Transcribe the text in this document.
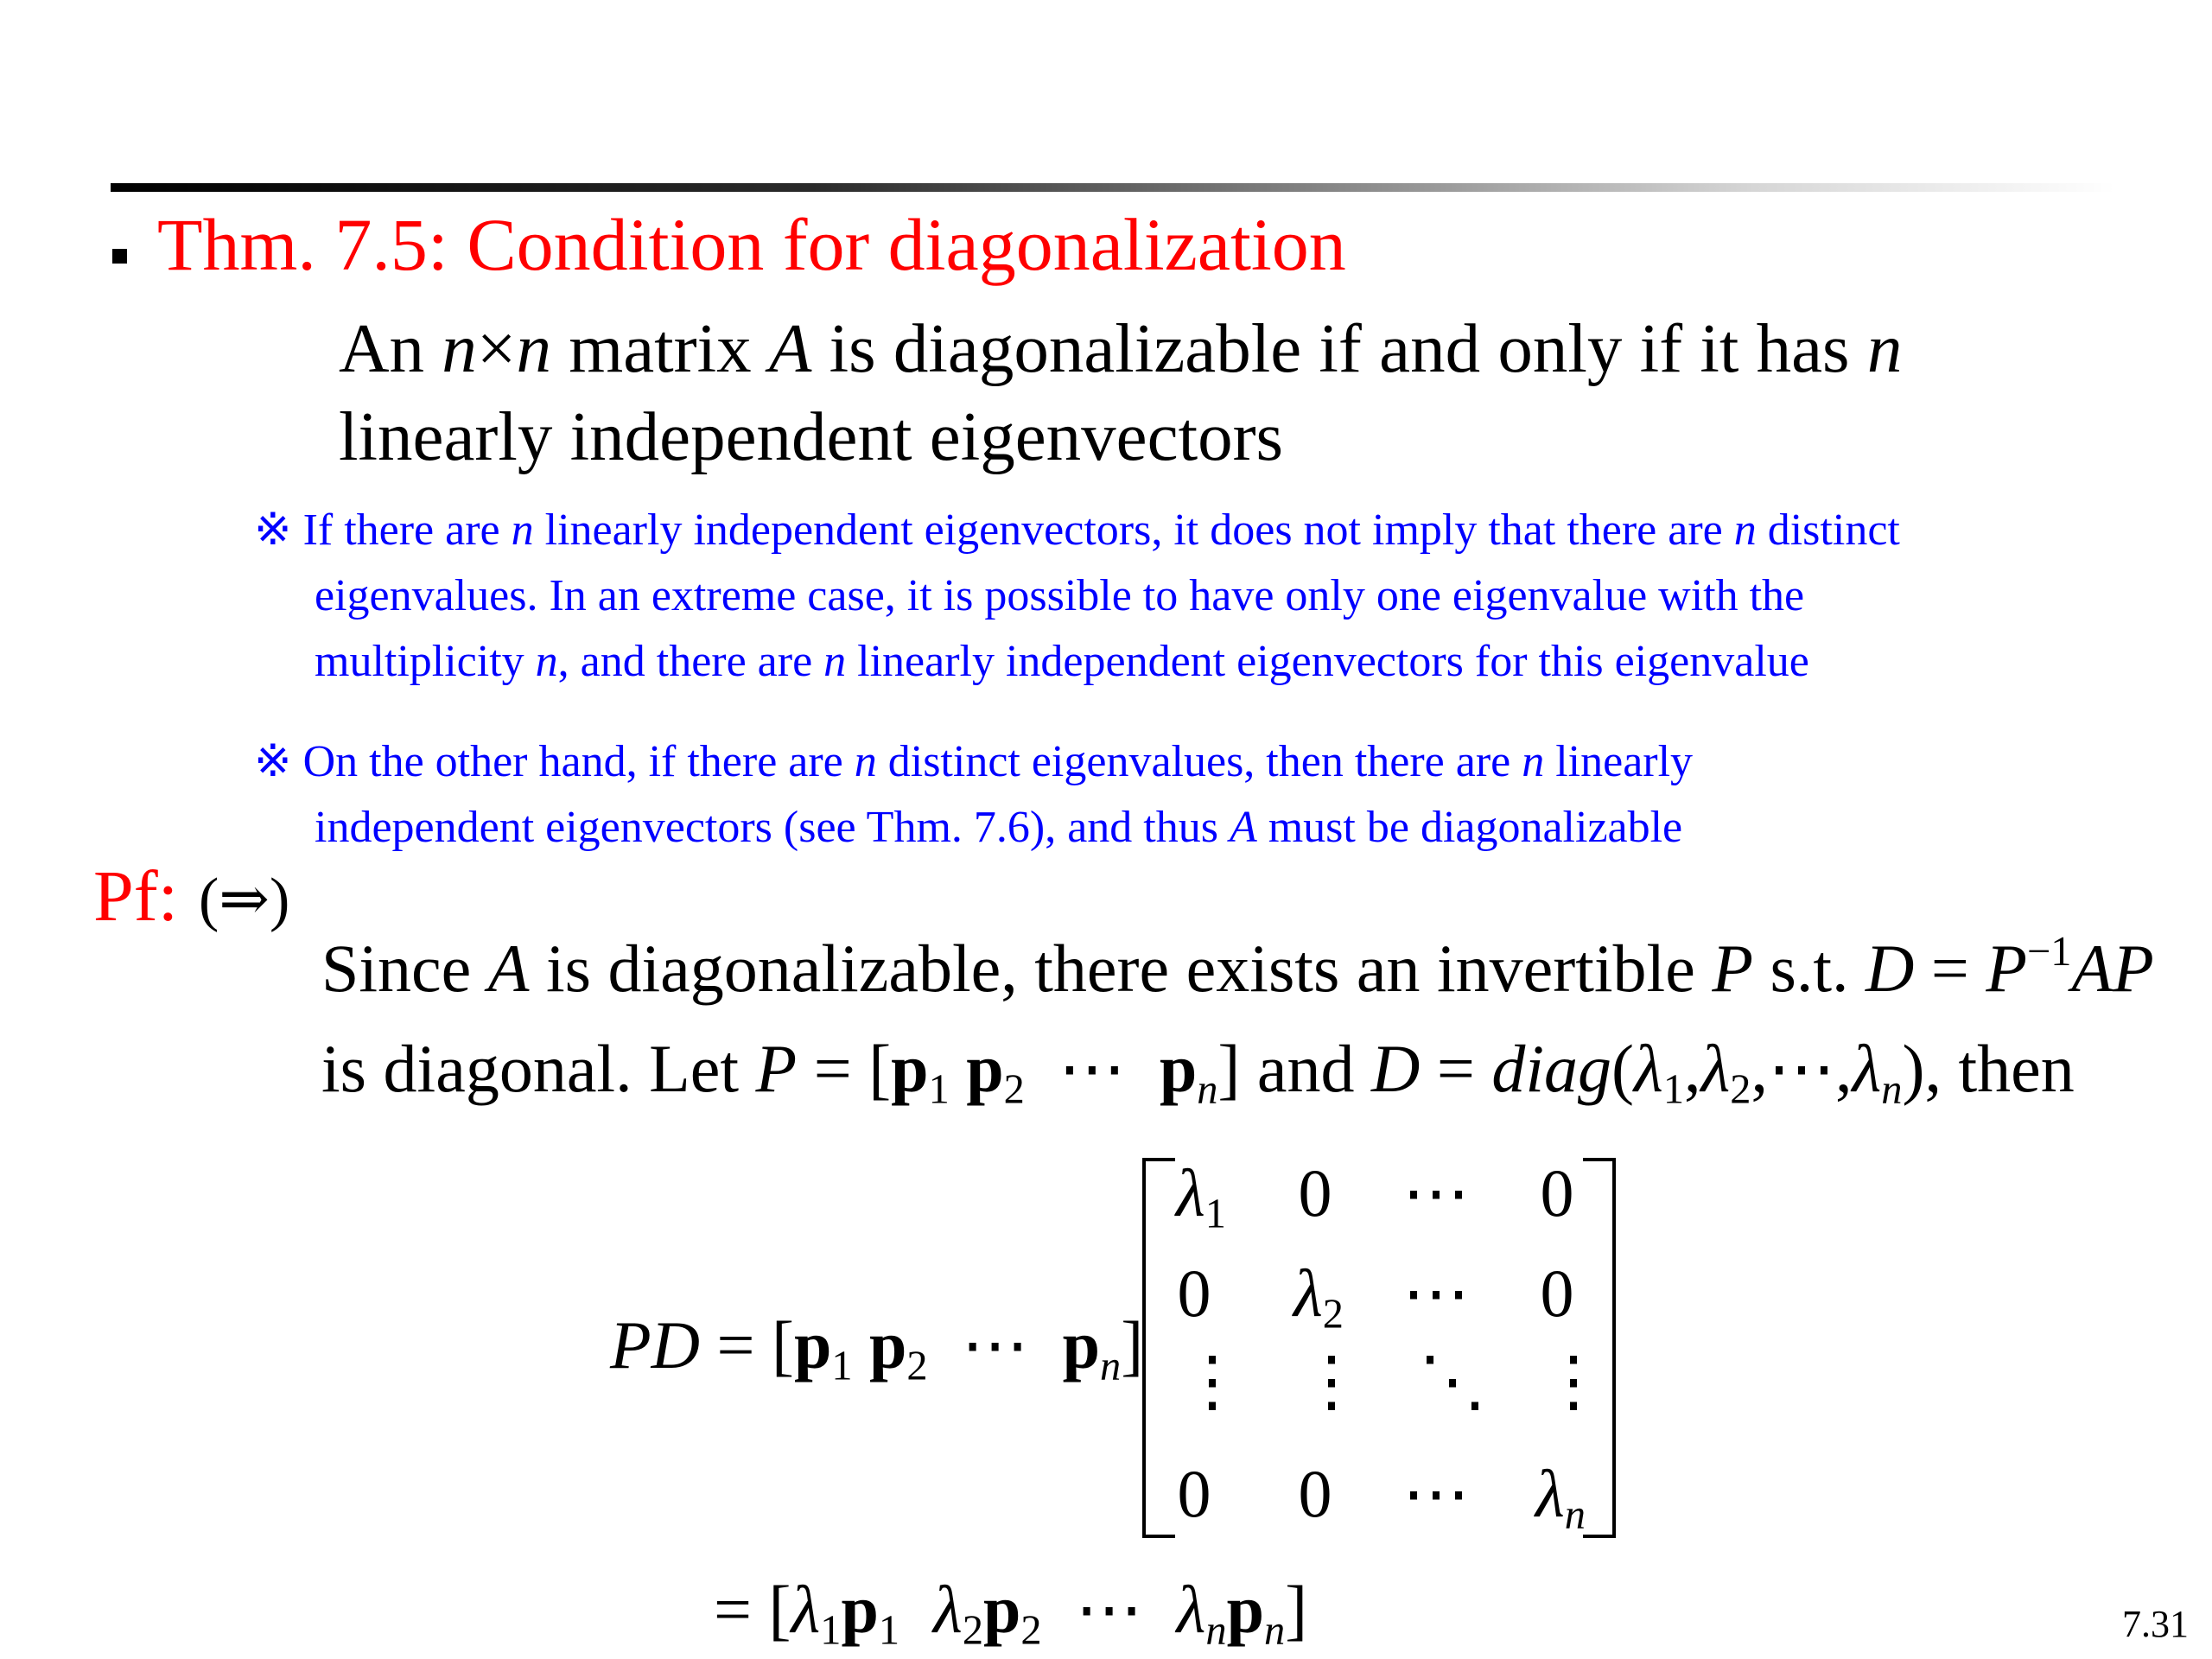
Thm. 7.5: Condition for diagonalization
An n×n matrix A is diagonalizable if and only if it has n
linearly independent eigenvectors
※ If there are n linearly independent eigenvectors, it does not imply that there are n distinct
eigenvalues. In an extreme case, it is possible to have only one eigenvalue with the
multiplicity n, and there are n linearly independent eigenvectors for this eigenvalue
※ On the other hand, if there are n distinct eigenvalues, then there are n linearly
independent eigenvectors (see Thm. 7.6), and thus A must be diagonalizable
Pf: (⇒)
Since A is diagonalizable, there exists an invertible P s.t. $D = P^{-1}AP$
is diagonal. Let $P = [p_1$ $p_2$ ⋯ $p_n$] and $D = diag(\lambda_1,\lambda_2,\cdots,\lambda_n)$, then
PD = [$p_1$ $p_2$ ⋯ $p_n$]
$\lambda_1$	0	⋯	0
0	$\lambda_2$ ⋯	0
⋮ ⋮ ⋱ ⋮
0	0	⋯ $\lambda_n$
= [$\lambda_1p_1$ $\lambda_2p_2$ ⋯ $\lambda_np_n$]	7.31
